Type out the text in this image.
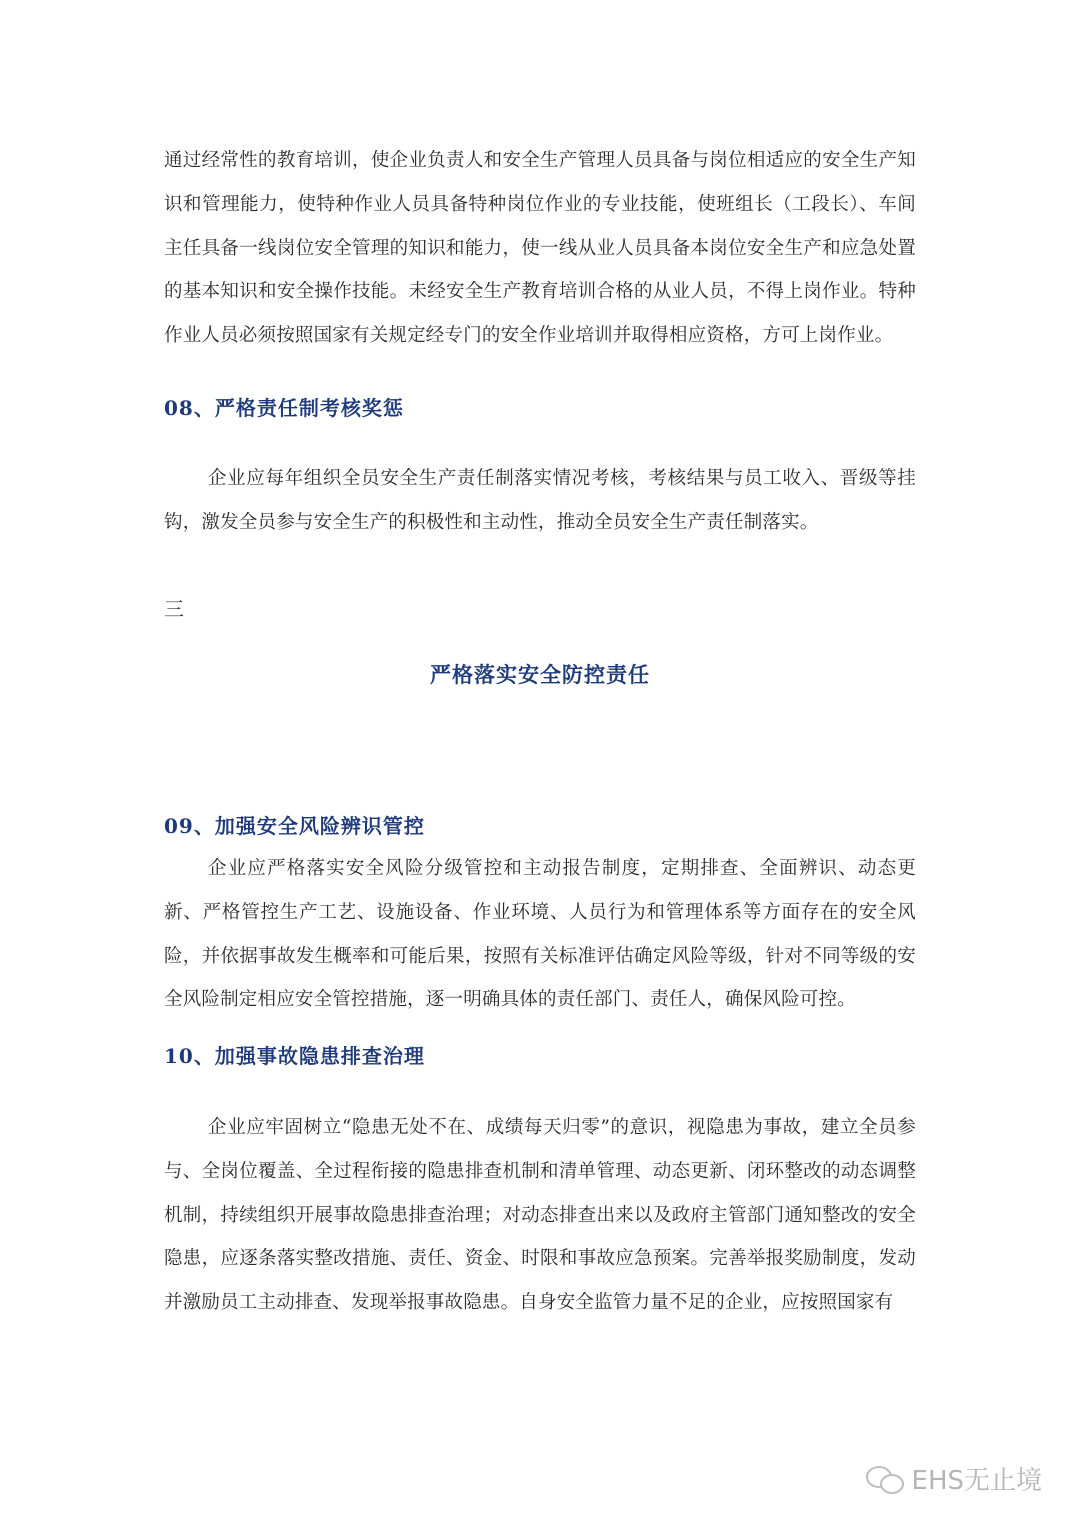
通过经常性的教育培训，使企业负责人和安全生产管理人员具备与岗位相适应的安全生产知识和管理能力，使特种作业人员具备特种岗位作业的专业技能，使班组长（工段长）、车间主任具备一线岗位安全管理的知识和能力，使一线从业人员具备本岗位安全生产和应急处置的基本知识和安全操作技能。未经安全生产教育培训合格的从业人员，不得上岗作业。特种作业人员必须按照国家有关规定经专门的安全作业培训并取得相应资格，方可上岗作业。

08、严格责任制考核奖惩

企业应每年组织全员安全生产责任制落实情况考核，考核结果与员工收入、晋级等挂钩，激发全员参与安全生产的积极性和主动性，推动全员安全生产责任制落实。

三
严格落实安全防控责任
09、加强安全风险辨识管控

企业应严格落实安全风险分级管控和主动报告制度，定期排查、全面辨识、动态更新、严格管控生产工艺、设施设备、作业环境、人员行为和管理体系等方面存在的安全风险，并依据事故发生概率和可能后果，按照有关标准评估确定风险等级，针对不同等级的安全风险制定相应安全管控措施，逐一明确具体的责任部门、责任人，确保风险可控。

10、加强事故隐患排查治理

企业应牢固树立“隐患无处不在、成绩每天归零”的意识，视隐患为事故，建立全员参与、全岗位覆盖、全过程衔接的隐患排查机制和清单管理、动态更新、闭环整改的动态调整机制，持续组织开展事故隐患排查治理；对动态排查出来以及政府主管部门通知整改的安全隐患，应逐条落实整改措施、责任、资金、时限和事故应急预案。完善举报奖励制度，发动并激励员工主动排查、发现举报事故隐患。自身安全监管力量不足的企业，应按照国家有

EHS无止境
